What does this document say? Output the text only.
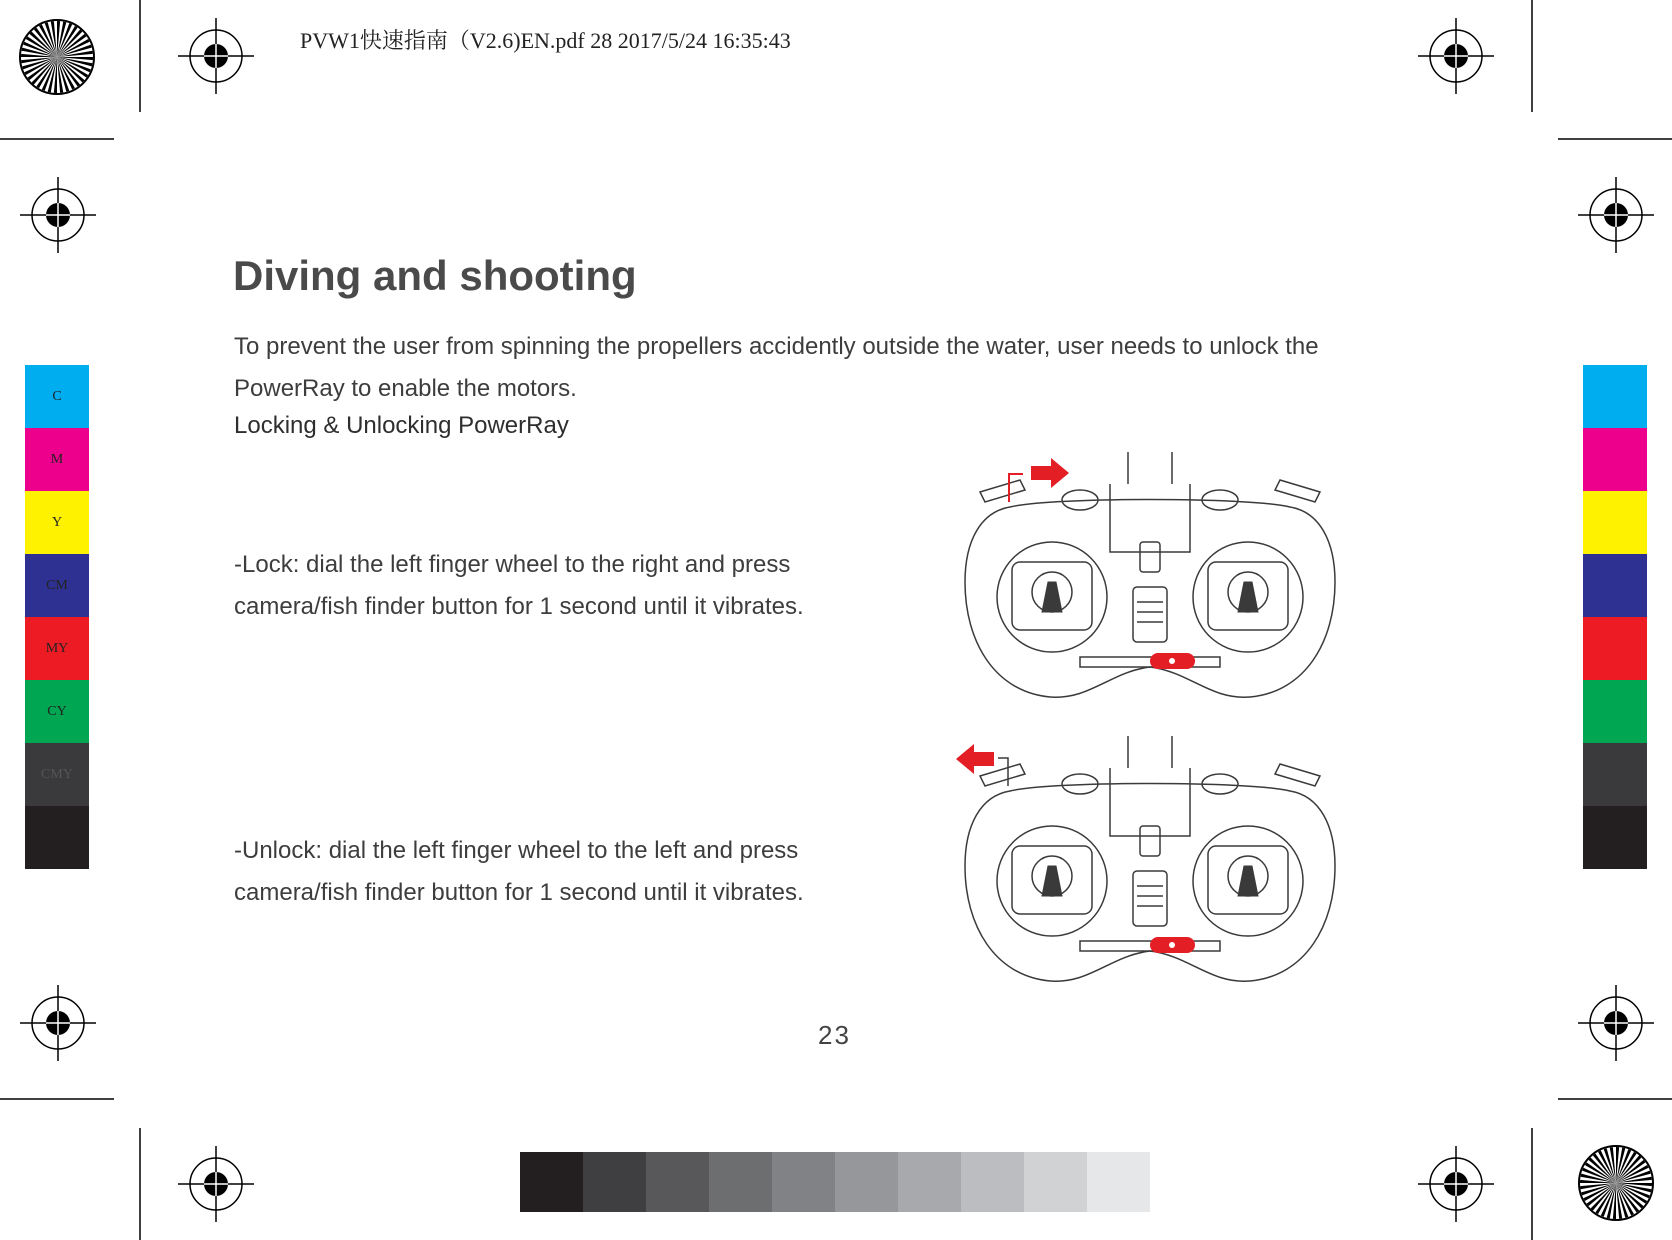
PVW1快速指南（V2.6)EN.pdf 28 2017/5/24 16:35:43
C
M
Y
CM
MY
CY
CMY
Diving and shooting
To prevent the user from spinning the propellers accidently outside the water, user needs to unlock the PowerRay to enable the motors.
Locking & Unlocking PowerRay
-Lock: dial the left finger wheel to the right and press camera/fish finder button for 1 second until it vibrates.
-Unlock: dial the left finger wheel to the left and press camera/fish finder button for 1 second until it vibrates.
23
